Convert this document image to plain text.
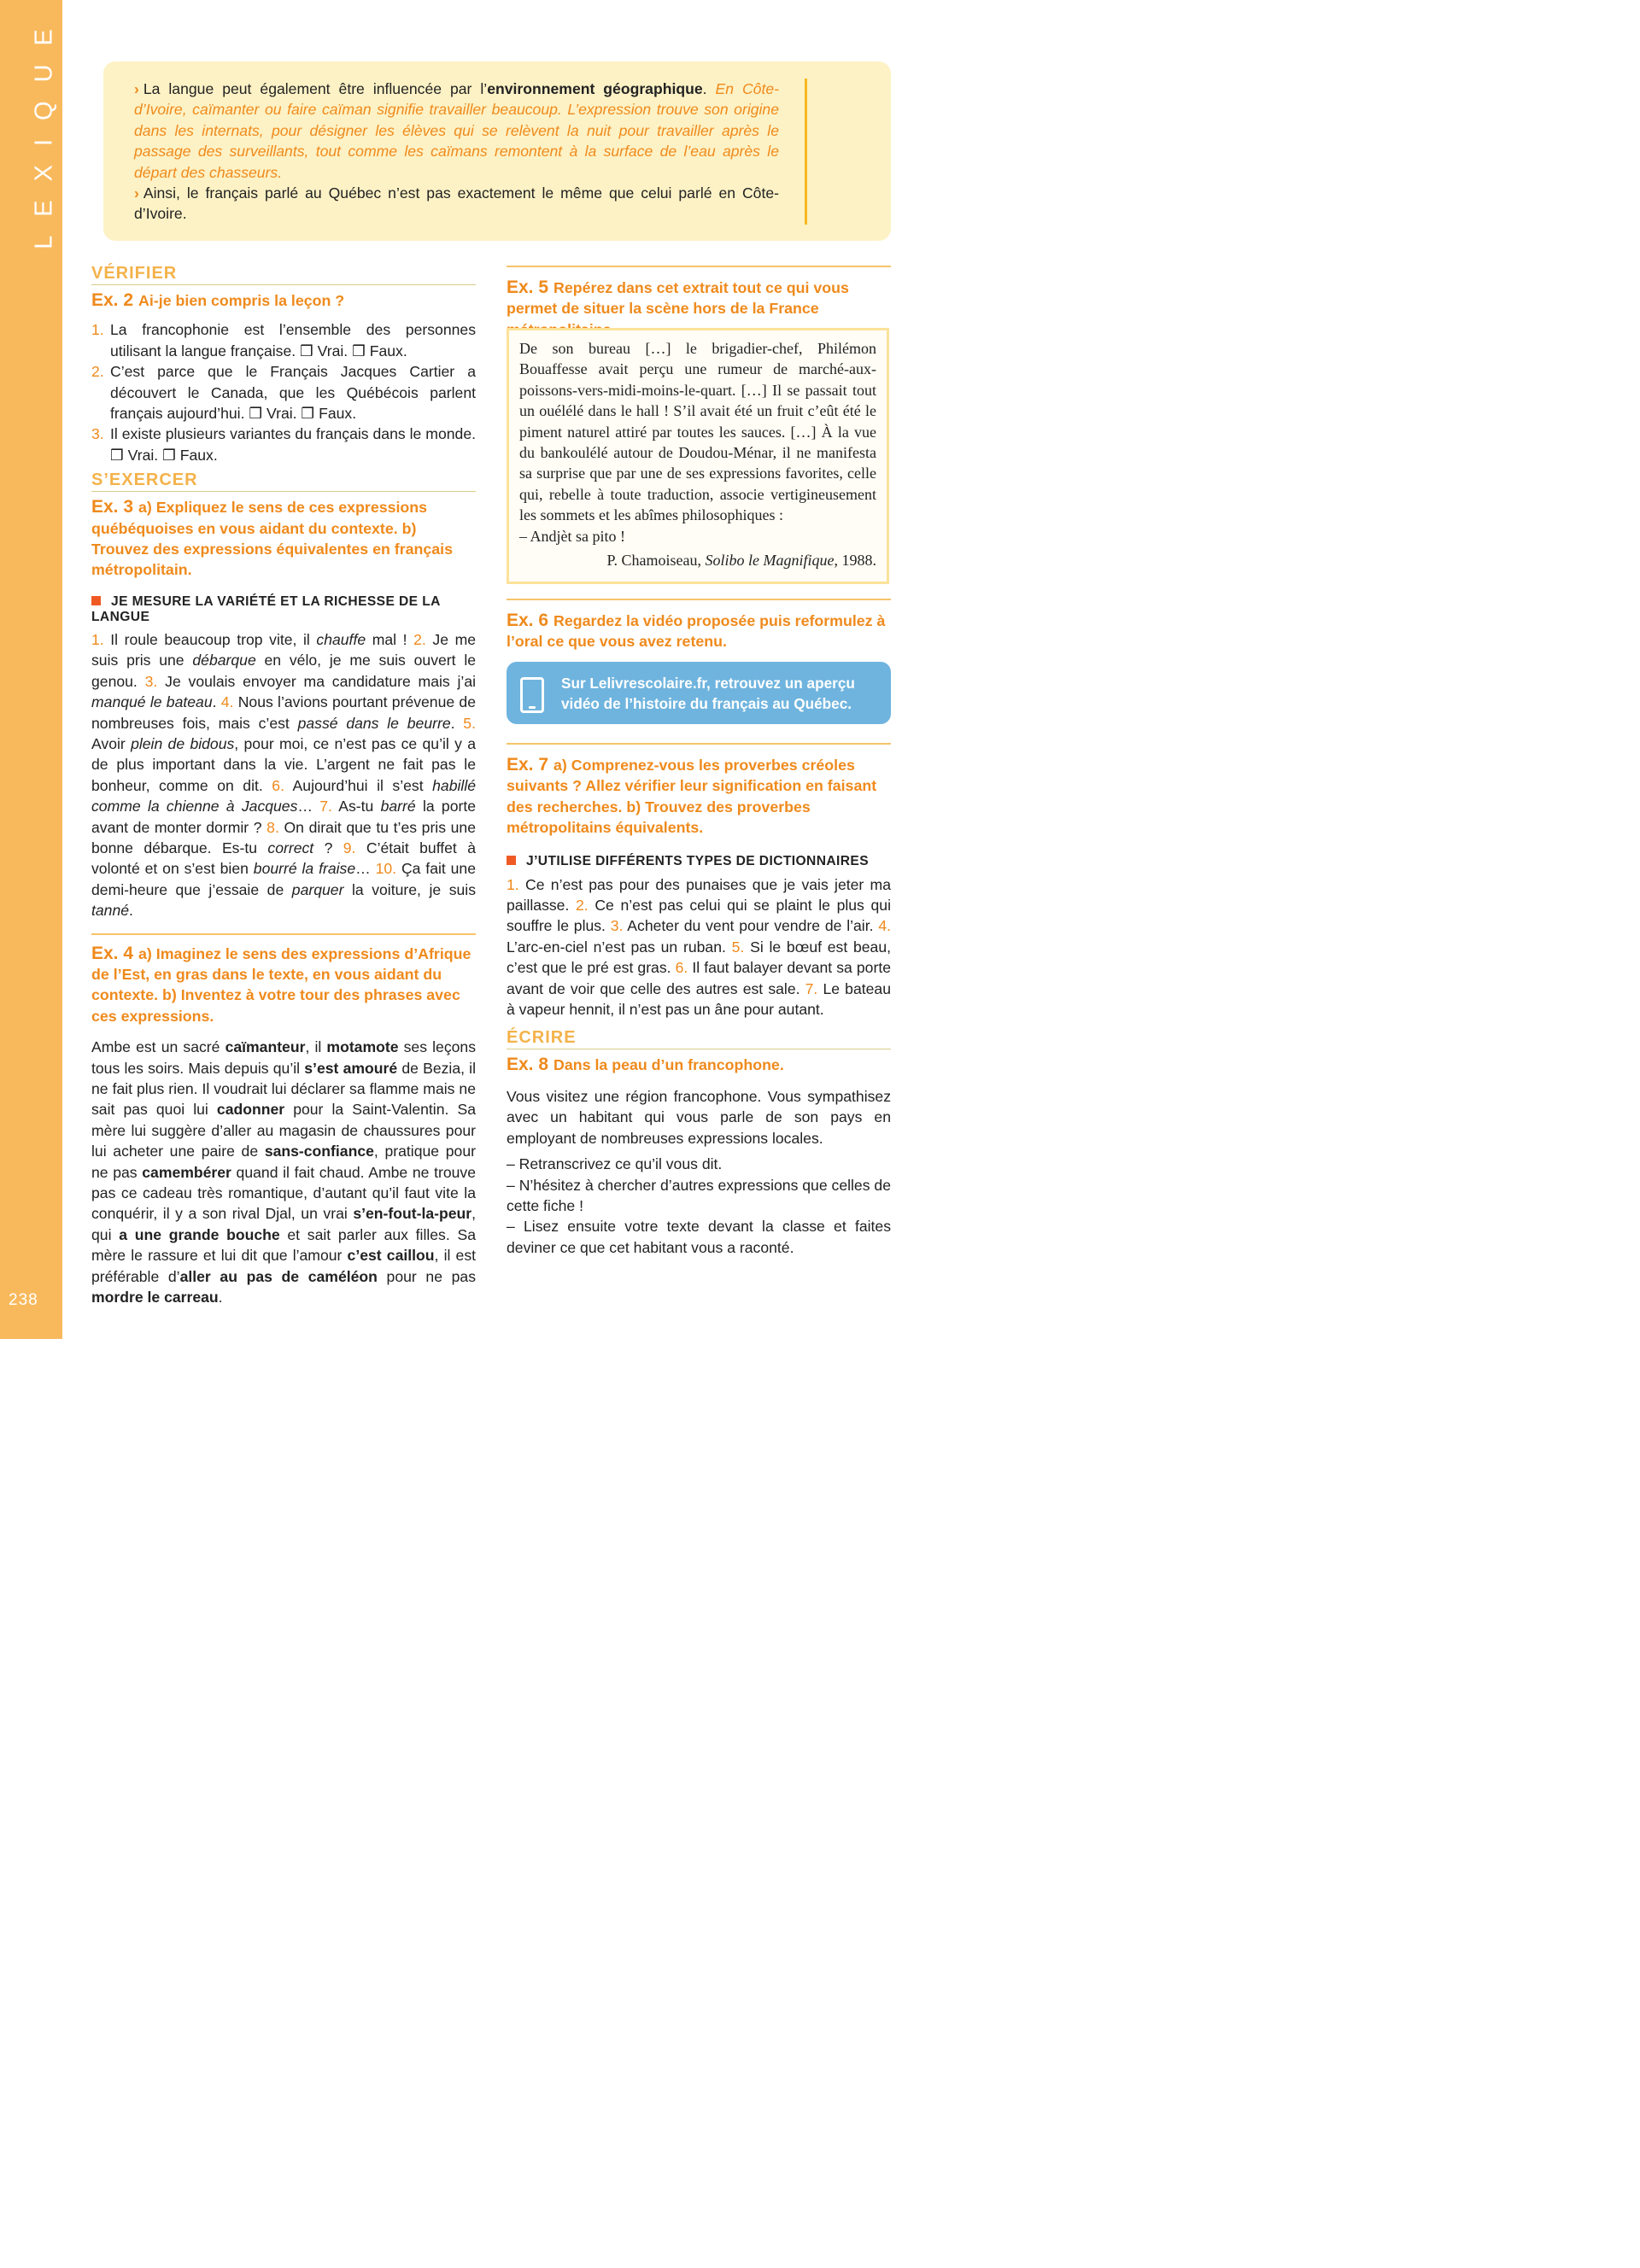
LEXIQUE
238

› La langue peut également être influencée par l’environnement géographique. En Côte-d’Ivoire, caïmanter ou faire caïman signifie travailler beaucoup. L’expression trouve son origine dans les internats, pour désigner les élèves qui se relèvent la nuit pour travailler après le passage des surveillants, tout comme les caïmans remontent à la surface de l’eau après le départ des chasseurs.

› Ainsi, le français parlé au Québec n’est pas exactement le même que celui parlé en Côte-d’Ivoire.

VÉRIFIER
Ex. 2 Ai-je bien compris la leçon ?
1. La francophonie est l’ensemble des personnes utilisant la langue française. ❒ Vrai. ❒ Faux.
2. C’est parce que le Français Jacques Cartier a découvert le Canada, que les Québécois parlent français aujourd’hui. ❒ Vrai. ❒ Faux.
3. Il existe plusieurs variantes du français dans le monde. ❒ Vrai. ❒ Faux.
S’EXERCER
Ex. 3 a) Expliquez le sens de ces expressions québéquoises en vous aidant du contexte. b) Trouvez des expressions équivalentes en français métropolitain.
JE MESURE LA VARIÉTÉ ET LA RICHESSE DE LA LANGUE
1. Il roule beaucoup trop vite, il chauffe mal ! 2. Je me suis pris une débarque en vélo, je me suis ouvert le genou. 3. Je voulais envoyer ma candidature mais j’ai manqué le bateau. 4. Nous l’avions pourtant prévenue de nombreuses fois, mais c’est passé dans le beurre. 5. Avoir plein de bidous, pour moi, ce n’est pas ce qu’il y a de plus important dans la vie. L’argent ne fait pas le bonheur, comme on dit. 6. Aujourd’hui il s’est habillé comme la chienne à Jacques… 7. As-tu barré la porte avant de monter dormir ? 8. On dirait que tu t’es pris une bonne débarque. Es-tu correct ? 9. C’était buffet à volonté et on s’est bien bourré la fraise… 10. Ça fait une demi-heure que j’essaie de parquer la voiture, je suis tanné.
Ex. 4 a) Imaginez le sens des expressions d’Afrique de l’Est, en gras dans le texte, en vous aidant du contexte. b) Inventez à votre tour des phrases avec ces expressions.
Ambe est un sacré caïmanteur, il motamote ses leçons tous les soirs. Mais depuis qu’il s’est amouré de Bezia, il ne fait plus rien. Il voudrait lui déclarer sa flamme mais ne sait pas quoi lui cadonner pour la Saint-Valentin. Sa mère lui suggère d’aller au magasin de chaussures pour lui acheter une paire de sans-confiance, pratique pour ne pas camembérer quand il fait chaud. Ambe ne trouve pas ce cadeau très romantique, d’autant qu’il faut vite la conquérir, il y a son rival Djal, un vrai s’en-fout-la-peur, qui a une grande bouche et sait parler aux filles. Sa mère le rassure et lui dit que l’amour c’est caillou, il est préférable d’aller au pas de caméléon pour ne pas mordre le carreau.
Ex. 5 Repérez dans cet extrait tout ce qui vous permet de situer la scène hors de la France
De son bureau […] le brigadier-chef, Philémon Bouaffesse avait perçu une rumeur de marché-aux-poissons-vers-midi-moins-le-quart. […] Il se passait tout un ouélélé dans le hall ! S’il avait été un fruit c’eût été le piment naturel attiré par toutes les sauces. […] À la vue du bankoulélé autour de Doudou-Ménar, il ne manifesta sa surprise que par une de ses expressions favorites, celle qui, rebelle à toute traduction, associe vertigineusement les sommets et les abîmes philosophiques :
– Andjèt sa pito !
P. Chamoiseau, Solibo le Magnifique, 1988.
Ex. 6 Regardez la vidéo proposée puis reformulez à l’oral ce que vous avez retenu.
Sur Lelivrescolaire.fr, retrouvez un aperçu vidéo de l’histoire du français au Québec.
Ex. 7 a) Comprenez-vous les proverbes créoles suivants ? Allez vérifier leur signification en faisant des recherches. b) Trouvez des proverbes métropolitains équivalents.
J’UTILISE DIFFÉRENTS TYPES DE DICTIONNAIRES
1. Ce n’est pas pour des punaises que je vais jeter ma paillasse. 2. Ce n’est pas celui qui se plaint le plus qui souffre le plus. 3. Acheter du vent pour vendre de l’air. 4. L’arc-en-ciel n’est pas un ruban. 5. Si le bœuf est beau, c’est que le pré est gras. 6. Il faut balayer devant sa porte avant de voir que celle des autres est sale. 7. Le bateau à vapeur hennit, il n’est pas un âne pour autant.
ÉCRIRE
Ex. 8 Dans la peau d’un francophone.

Vous visitez une région francophone. Vous sympathisez avec un habitant qui vous parle de son pays en employant de nombreuses expressions locales.

– Retranscrivez ce qu’il vous dit.

– N’hésitez à chercher d’autres expressions que celles de cette fiche !

– Lisez ensuite votre texte devant la classe et faites deviner ce que cet habitant vous a raconté.
